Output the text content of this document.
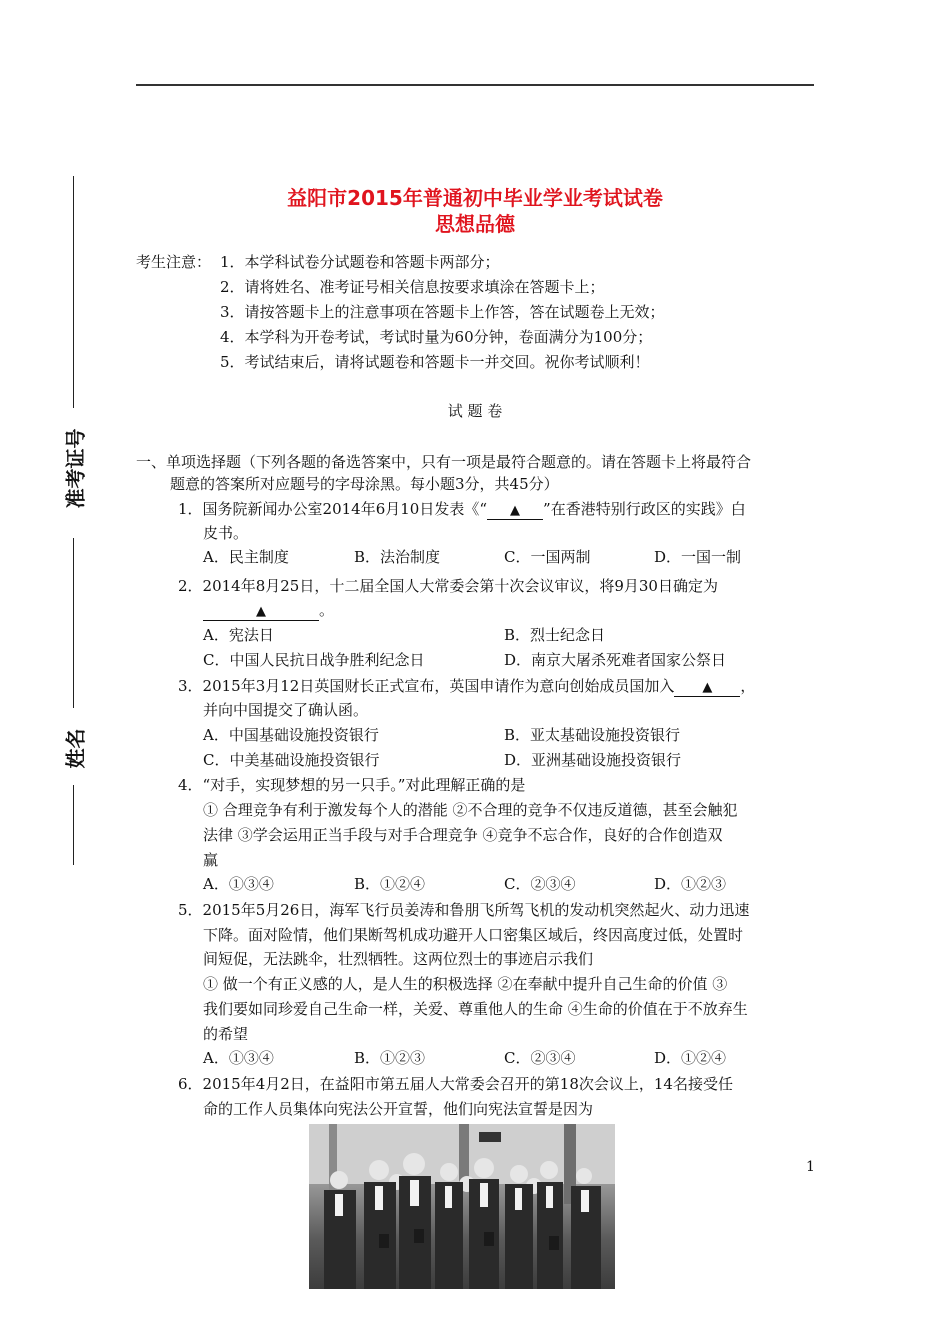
准考证号
姓名
益阳市2015年普通初中毕业学业考试试卷
思想品德
考生注意： 1．本学科试卷分试题卷和答题卡两部分；
2．请将姓名、准考证号相关信息按要求填涂在答题卡上；
3．请按答题卡上的注意事项在答题卡上作答，答在试题卷上无效；
4．本学科为开卷考试，考试时量为60分钟，卷面满分为100分；
5．考试结束后，请将试题卷和答题卡一并交回。祝你考试顺利！
试 题 卷
一、单项选择题（下列各题的备选答案中，只有一项是最符合题意的。请在答题卡上将最符合
题意的答案所对应题号的字母涂黑。每小题3分，共45分）
1．国务院新闻办公室2014年6月10日发表《“ ▲ ”在香港特别行政区的实践》白
皮书。
A．民主制度	B．法治制度	C．一国两制	D．一国一制
2．2014年8月25日，十二届全国人大常委会第十次会议审议，将9月30日确定为
▲	。
A．宪法日	B．烈士纪念日
C．中国人民抗日战争胜利纪念日	D．南京大屠杀死难者国家公祭日
3．2015年3月12日英国财长正式宣布，英国申请作为意向创始成员国加入 ▲ ，
并向中国提交了确认函。
A．中国基础设施投资银行	B．亚太基础设施投资银行
C．中美基础设施投资银行	D．亚洲基础设施投资银行
4．“对手，实现梦想的另一只手。”对此理解正确的是
① 合理竞争有利于激发每个人的潜能 ②不合理的竞争不仅违反道德，甚至会触犯
法律 ③学会运用正当手段与对手合理竞争 ④竞争不忘合作，良好的合作创造双
赢
A．①③④	B．①②④	C．②③④	D．①②③
5．2015年5月26日，海军飞行员姜涛和鲁朋飞所驾飞机的发动机突然起火、动力迅速
下降。面对险情，他们果断驾机成功避开人口密集区域后，终因高度过低，处置时
间短促，无法跳伞，壮烈牺牲。这两位烈士的事迹启示我们
① 做一个有正义感的人，是人生的积极选择 ②在奉献中提升自己生命的价值 ③
我们要如同珍爱自己生命一样，关爱、尊重他人的生命 ④生命的价值在于不放弃生
的希望
A．①③④	B．①②③	C．②③④	D．①②④
6．2015年4月2日，在益阳市第五届人大常委会召开的第18次会议上，14名接受任
命的工作人员集体向宪法公开宣誓，他们向宪法宣誓是因为
1
